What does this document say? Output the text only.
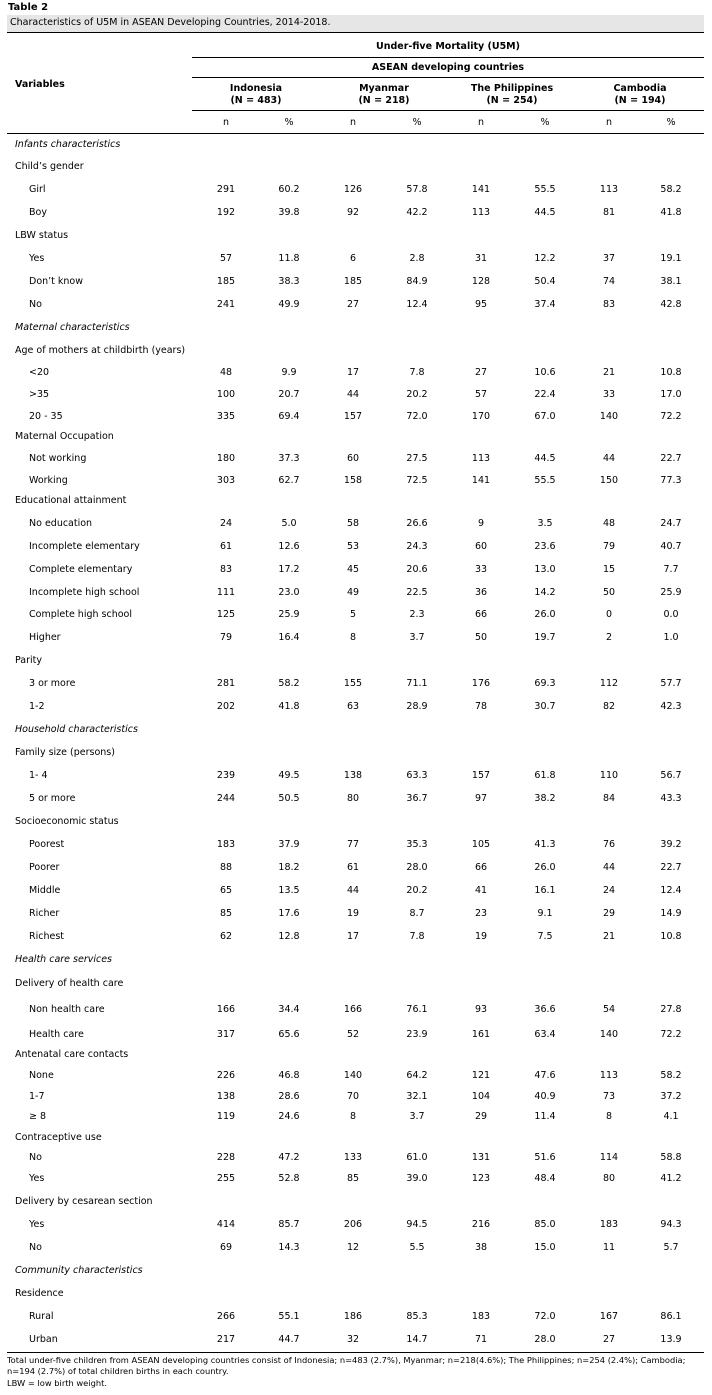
Table 2
Characteristics of U5M in ASEAN Developing Countries, 2014-2018.
Variables
Under-five Mortality (U5M)
ASEAN developing countries
Indonesia
(N = 483)
Myanmar
(N = 218)
The Philippines
(N = 254)
Cambodia
(N = 194)
n	%	n	%	n	%	n	%
Infants characteristics
Child’s gender
Girl	291	60.2	126	57.8	141	55.5	113	58.2
Boy	192	39.8	92	42.2	113	44.5	81	41.8
LBW status
Yes	57	11.8	6	2.8	31	12.2	37	19.1
Don’t know	185	38.3	185	84.9	128	50.4	74	38.1
No	241	49.9	27	12.4	95	37.4	83	42.8
Maternal characteristics
Age of mothers at childbirth (years)
<20	48	9.9	17	7.8	27	10.6	21	10.8
>35	100	20.7	44	20.2	57	22.4	33	17.0
20 - 35	335	69.4	157	72.0	170	67.0	140	72.2
Maternal Occupation
Not working	180	37.3	60	27.5	113	44.5	44	22.7
Working	303	62.7	158	72.5	141	55.5	150	77.3
Educational attainment
No education	24	5.0	58	26.6	9	3.5	48	24.7
Incomplete elementary	61	12.6	53	24.3	60	23.6	79	40.7
Complete elementary	83	17.2	45	20.6	33	13.0	15	7.7
Incomplete high school	111	23.0	49	22.5	36	14.2	50	25.9
Complete high school	125	25.9	5	2.3	66	26.0	0	0.0
Higher	79	16.4	8	3.7	50	19.7	2	1.0
Parity
3 or more	281	58.2	155	71.1	176	69.3	112	57.7
1-2	202	41.8	63	28.9	78	30.7	82	42.3
Household characteristics
Family size (persons)
1- 4	239	49.5	138	63.3	157	61.8	110	56.7
5 or more	244	50.5	80	36.7	97	38.2	84	43.3
Socioeconomic status
Poorest	183	37.9	77	35.3	105	41.3	76	39.2
Poorer	88	18.2	61	28.0	66	26.0	44	22.7
Middle	65	13.5	44	20.2	41	16.1	24	12.4
Richer	85	17.6	19	8.7	23	9.1	29	14.9
Richest	62	12.8	17	7.8	19	7.5	21	10.8
Health care services
Delivery of health care
Non health care	166	34.4	166	76.1	93	36.6	54	27.8
Health care	317	65.6	52	23.9	161	63.4	140	72.2
Antenatal care contacts
None	226	46.8	140	64.2	121	47.6	113	58.2
1-7	138	28.6	70	32.1	104	40.9	73	37.2
≥ 8	119	24.6	8	3.7	29	11.4	8	4.1
Contraceptive use
No	228	47.2	133	61.0	131	51.6	114	58.8
Yes	255	52.8	85	39.0	123	48.4	80	41.2
Delivery by cesarean section
Yes	414	85.7	206	94.5	216	85.0	183	94.3
No	69	14.3	12	5.5	38	15.0	11	5.7
Community characteristics
Residence
Rural	266	55.1	186	85.3	183	72.0	167	86.1
Urban	217	44.7	32	14.7	71	28.0	27	13.9
Total under-five children from ASEAN developing countries consist of Indonesia; n=483 (2.7%), Myanmar; n=218(4.6%); The Philippines; n=254 (2.4%); Cambodia; n=194 (2.7%) of total children births in each country.
LBW = low birth weight.
